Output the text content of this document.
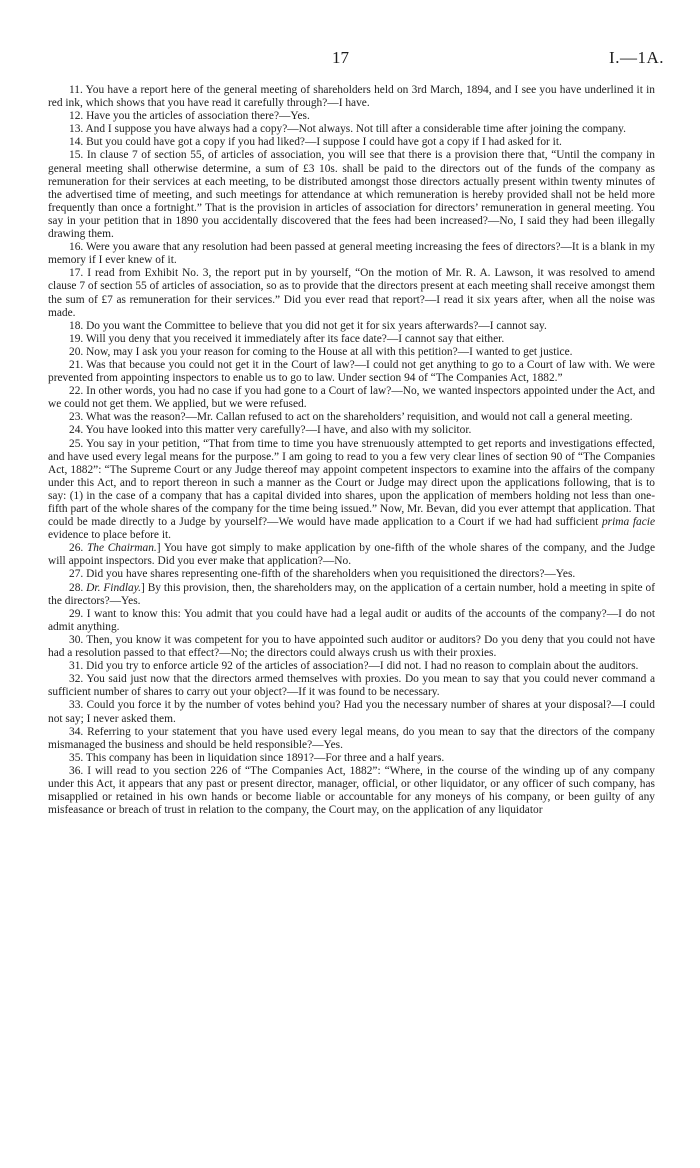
17	I.—1A.

11. You have a report here of the general meeting of shareholders held on 3rd March, 1894, and I see you have underlined it in red ink, which shows that you have read it carefully through?—I have.

12. Have you the articles of association there?—Yes.

13. And I suppose you have always had a copy?—Not always. Not till after a considerable time after joining the company.

14. But you could have got a copy if you had liked?—I suppose I could have got a copy if I had asked for it.

15. In clause 7 of section 55, of articles of association, you will see that there is a provision there that, “Until the company in general meeting shall otherwise determine, a sum of £3 10s. shall be paid to the directors out of the funds of the company as remuneration for their services at each meeting, to be distributed amongst those directors actually present within twenty minutes of the advertised time of meeting, and such meetings for attendance at which remuneration is hereby provided shall not be held more frequently than once a fortnight.” That is the provision in articles of association for directors’ remuneration in general meeting. You say in your petition that in 1890 you accidentally discovered that the fees had been increased?—No, I said they had been illegally drawing them.

16. Were you aware that any resolution had been passed at general meeting increasing the fees of directors?—It is a blank in my memory if I ever knew of it.

17. I read from Exhibit No. 3, the report put in by yourself, “On the motion of Mr. R. A. Lawson, it was resolved to amend clause 7 of section 55 of articles of association, so as to provide that the directors present at each meeting shall receive amongst them the sum of £7 as remuneration for their services.” Did you ever read that report?—I read it six years after, when all the noise was made.

18. Do you want the Committee to believe that you did not get it for six years afterwards?—I cannot say.

19. Will you deny that you received it immediately after its face date?—I cannot say that either.

20. Now, may I ask you your reason for coming to the House at all with this petition?—I wanted to get justice.

21. Was that because you could not get it in the Court of law?—I could not get anything to go to a Court of law with. We were prevented from appointing inspectors to enable us to go to law. Under section 94 of “The Companies Act, 1882.”

22. In other words, you had no case if you had gone to a Court of law?—No, we wanted inspectors appointed under the Act, and we could not get them. We applied, but we were refused.

23. What was the reason?—Mr. Callan refused to act on the shareholders’ requisition, and would not call a general meeting.

24. You have looked into this matter very carefully?—I have, and also with my solicitor.

25. You say in your petition, “That from time to time you have strenuously attempted to get reports and investigations effected, and have used every legal means for the purpose.” I am going to read to you a few very clear lines of section 90 of “The Companies Act, 1882”: “The Supreme Court or any Judge thereof may appoint competent inspectors to examine into the affairs of the company under this Act, and to report thereon in such a manner as the Court or Judge may direct upon the applications following, that is to say: (1) in the case of a company that has a capital divided into shares, upon the application of members holding not less than one-fifth part of the whole shares of the company for the time being issued.” Now, Mr. Bevan, did you ever attempt that application. That could be made directly to a Judge by yourself?—We would have made application to a Court if we had had sufficient prima facie evidence to place before it.

26. The Chairman.] You have got simply to make application by one-fifth of the whole shares of the company, and the Judge will appoint inspectors. Did you ever make that application?—No.

27. Did you have shares representing one-fifth of the shareholders when you requisitioned the directors?—Yes.

28. Dr. Findlay.] By this provision, then, the shareholders may, on the application of a certain number, hold a meeting in spite of the directors?—Yes.

29. I want to know this: You admit that you could have had a legal audit or audits of the accounts of the company?—I do not admit anything.

30. Then, you know it was competent for you to have appointed such auditor or auditors? Do you deny that you could not have had a resolution passed to that effect?—No; the directors could always crush us with their proxies.

31. Did you try to enforce article 92 of the articles of association?—I did not. I had no reason to complain about the auditors.

32. You said just now that the directors armed themselves with proxies. Do you mean to say that you could never command a sufficient number of shares to carry out your object?—If it was found to be necessary.

33. Could you force it by the number of votes behind you? Had you the necessary number of shares at your disposal?—I could not say; I never asked them.

34. Referring to your statement that you have used every legal means, do you mean to say that the directors of the company mismanaged the business and should be held responsible?—Yes.

35. This company has been in liquidation since 1891?—For three and a half years.

36. I will read to you section 226 of “The Companies Act, 1882”: “Where, in the course of the winding up of any company under this Act, it appears that any past or present director, manager, official, or other liquidator, or any officer of such company, has misapplied or retained in his own hands or become liable or accountable for any moneys of his company, or been guilty of any misfeasance or breach of trust in relation to the company, the Court may, on the application of any liquidator
